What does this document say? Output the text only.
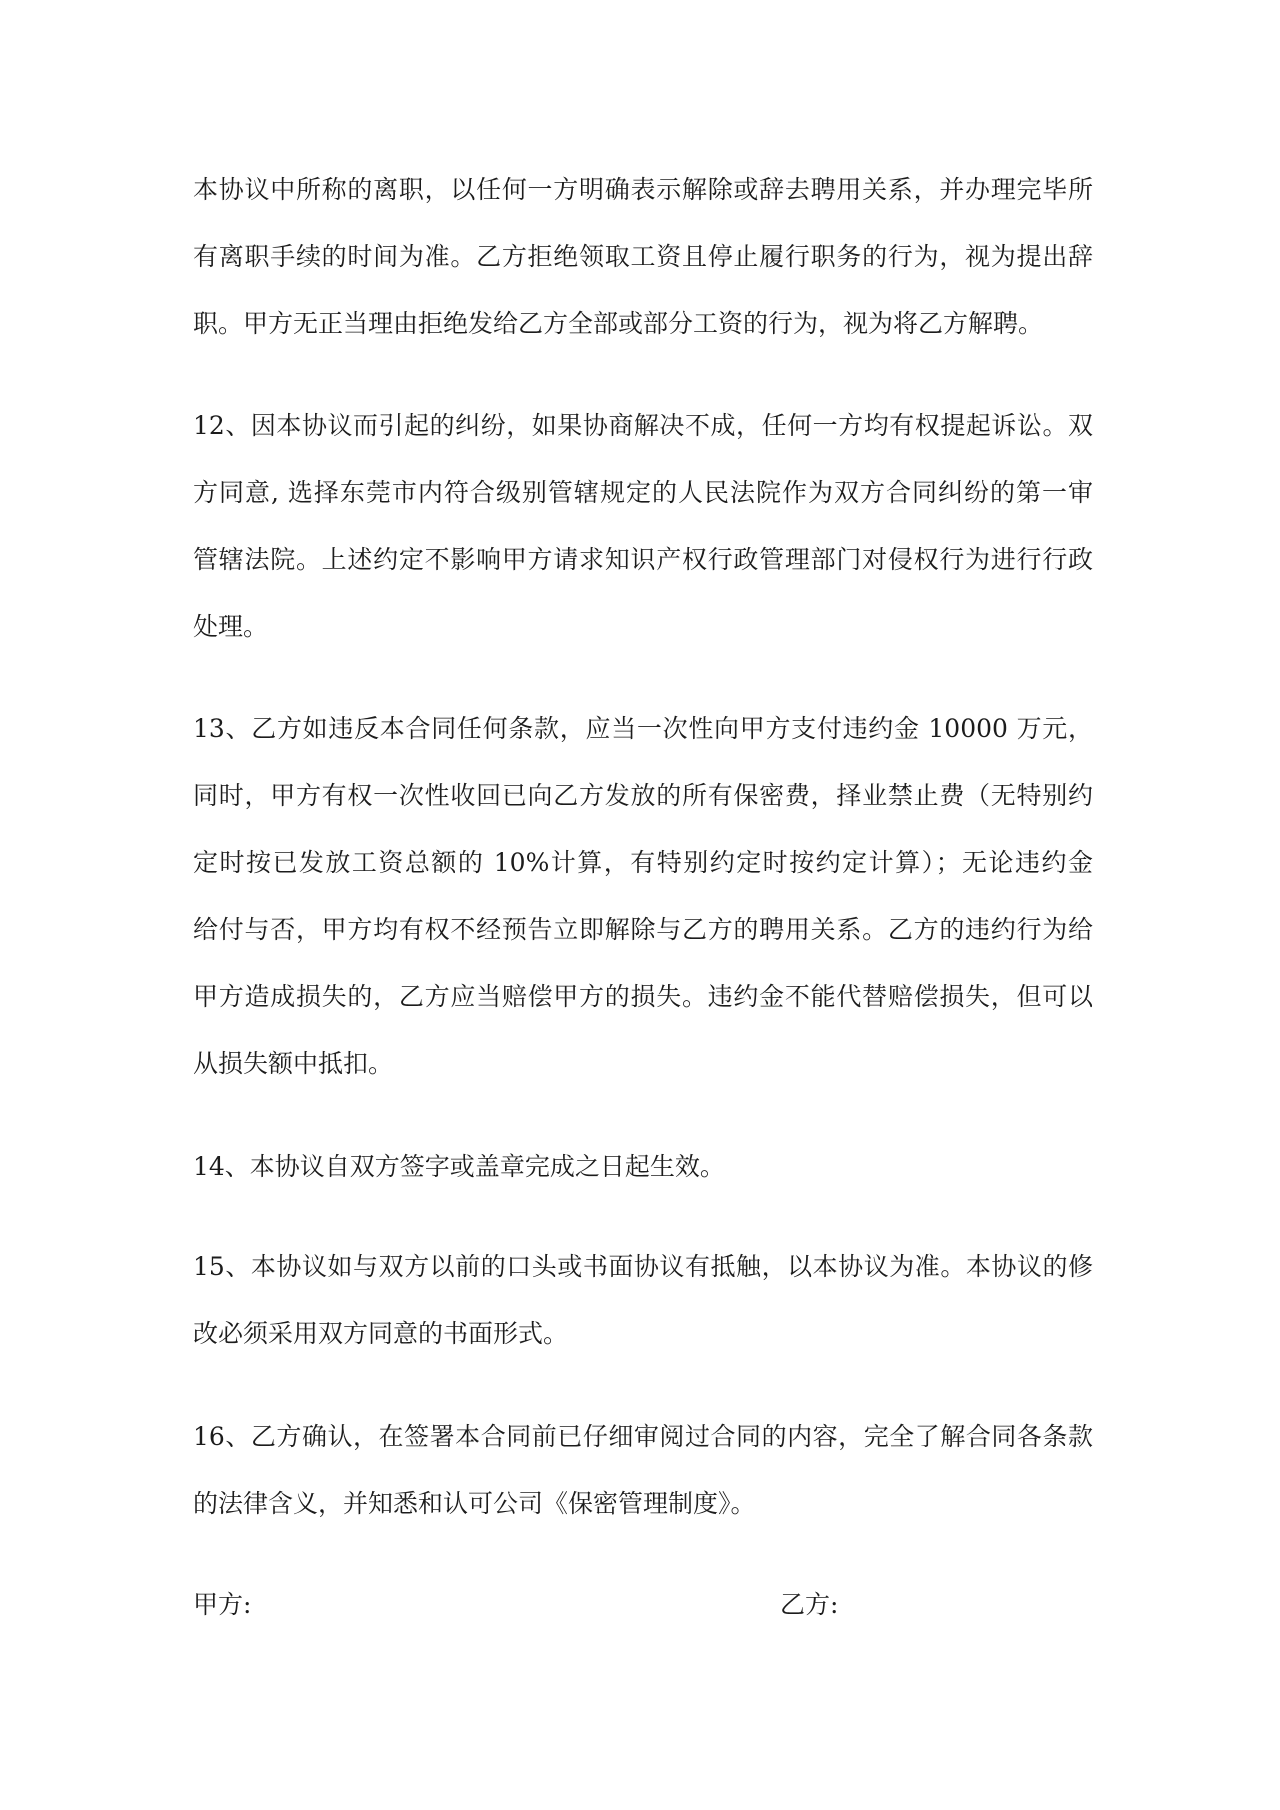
本协议中所称的离职，以任何一方明确表示解除或辞去聘用关系，并办理完毕所
有离职手续的时间为准。乙方拒绝领取工资且停止履行职务的行为，视为提出辞
职。甲方无正当理由拒绝发给乙方全部或部分工资的行为，视为将乙方解聘。
12、因本协议而引起的纠纷，如果协商解决不成，任何一方均有权提起诉讼。双
方同意, 选择东莞市内符合级别管辖规定的人民法院作为双方合同纠纷的第一审
管辖法院。上述约定不影响甲方请求知识产权行政管理部门对侵权行为进行行政
处理。
13、乙方如违反本合同任何条款，应当一次性向甲方支付违约金 10000 万元，
同时，甲方有权一次性收回已向乙方发放的所有保密费，择业禁止费（无特别约
定时按已发放工资总额的 10%计算，有特别约定时按约定计算）；无论违约金
给付与否，甲方均有权不经预告立即解除与乙方的聘用关系。乙方的违约行为给
甲方造成损失的，乙方应当赔偿甲方的损失。违约金不能代替赔偿损失，但可以
从损失额中抵扣。
14、本协议自双方签字或盖章完成之日起生效。
15、本协议如与双方以前的口头或书面协议有抵触，以本协议为准。本协议的修
改必须采用双方同意的书面形式。
16、乙方确认，在签署本合同前已仔细审阅过合同的内容，完全了解合同各条款
的法律含义，并知悉和认可公司《保密管理制度》。
甲方:	乙方:
